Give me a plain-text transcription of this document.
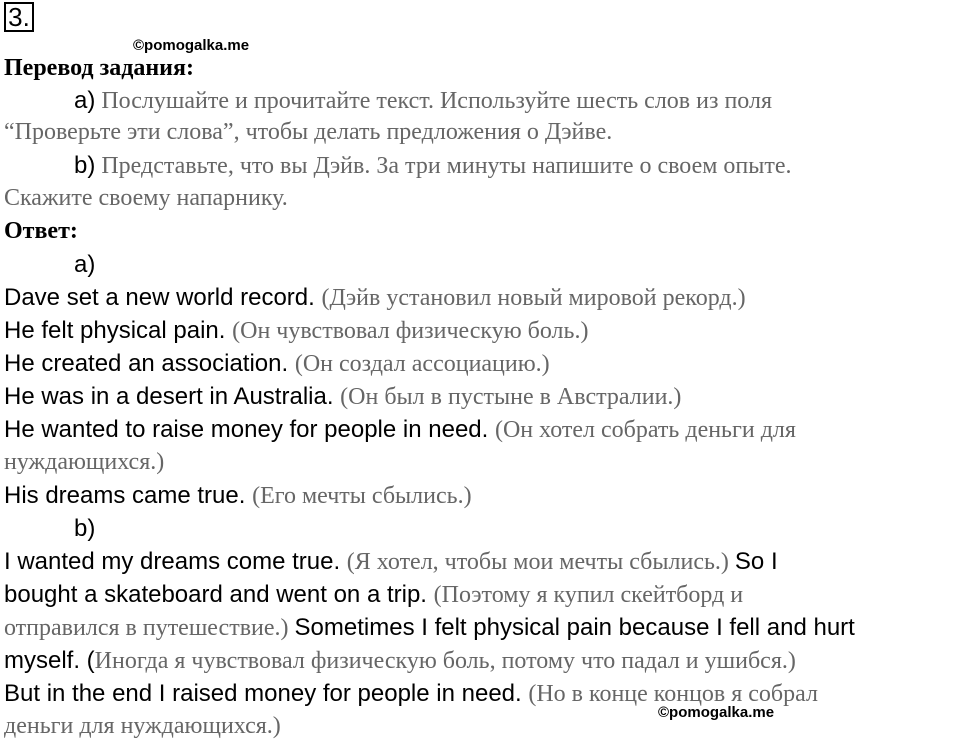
3.
©pomogalka.me
Перевод задания:
a) Послушайте и прочитайте текст. Используйте шесть слов из поля
“Проверьте эти слова”, чтобы делать предложения о Дэйве.
b) Представьте, что вы Дэйв. За три минуты напишите о своем опыте.
Скажите своему напарнику.
Ответ:
a)
Dave set a new world record. (Дэйв установил новый мировой рекорд.)
He felt physical pain. (Он чувствовал физическую боль.)
He created an association. (Он создал ассоциацию.)
He was in a desert in Australia. (Он был в пустыне в Австралии.)
He wanted to raise money for people in need. (Он хотел собрать деньги для
нуждающихся.)
His dreams came true. (Его мечты сбылись.)
b)
I wanted my dreams come true. (Я хотел, чтобы мои мечты сбылись.) So I
bought a skateboard and went on a trip. (Поэтому я купил скейтборд и
отправился в путешествие.) Sometimes I felt physical pain because I fell and hurt
myself. (Иногда я чувствовал физическую боль, потому что падал и ушибся.)
But in the end I raised money for people in need. (Но в конце концов я собрал
деньги для нуждающихся.)
©pomogalka.me
